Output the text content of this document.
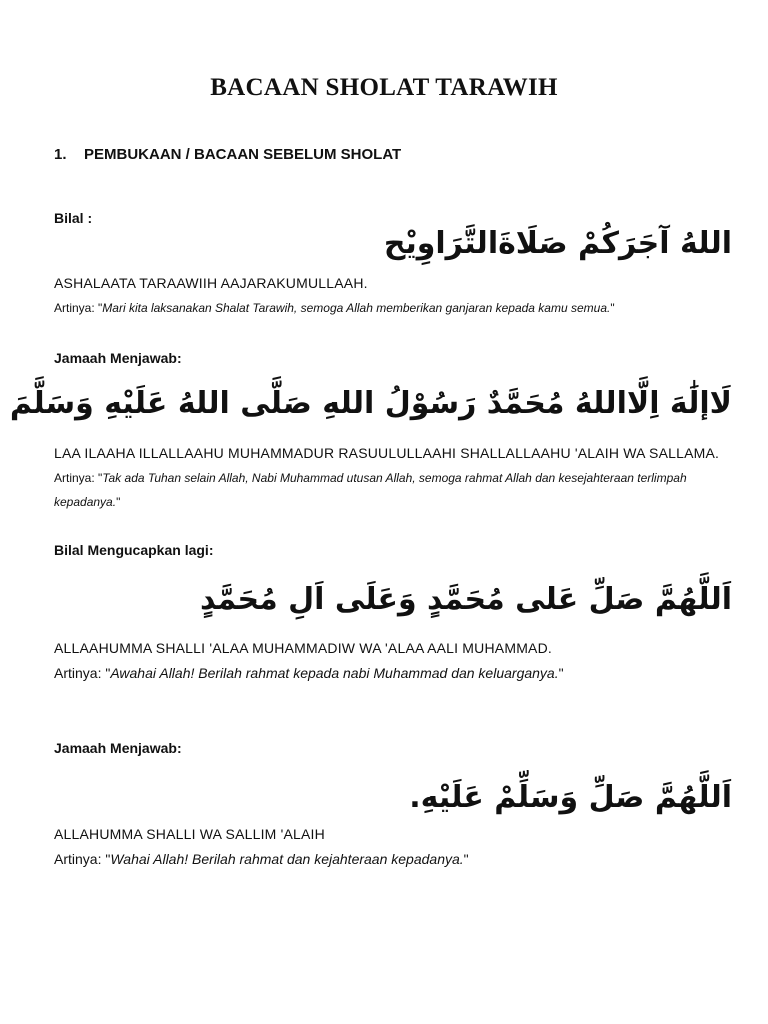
BACAAN SHOLAT TARAWIH
1. PEMBUKAAN / BACAAN SEBELUM SHOLAT
Bilal :
اللهُ آجَرَكُمْ صَلَاةَالتَّرَاوِيْح
ASHALAATA TARAAWIIH AAJARAKUMULLAAH.
Artinya: "Mari kita laksanakan Shalat Tarawih, semoga Allah memberikan ganjaran kepada kamu semua."
Jamaah Menjawab:
لَاإلَٰهَ اِلَّااللهُ مُحَمَّدٌ رَسُوْلُ اللهِ صَلَّى اللهُ عَلَيْهِ وَسَلَّمَ
LAA ILAAHA ILLALLAAHU MUHAMMADUR RASUULULLAAHI SHALLALLAAHU 'ALAIH WA SALLAMA.
Artinya: "Tak ada Tuhan selain Allah, Nabi Muhammad utusan Allah, semoga rahmat Allah dan kesejahteraan terlimpah kepadanya."
Bilal Mengucapkan lagi:
اَللَّهُمَّ صَلِّ عَلى مُحَمَّدٍ وَعَلَى اَلِ مُحَمَّدٍ
ALLAAHUMMA SHALLI 'ALAA MUHAMMADIW WA 'ALAA AALI MUHAMMAD.
Artinya: "Awahai Allah! Berilah rahmat kepada nabi Muhammad dan keluarganya."
Jamaah Menjawab:
اَللَّهُمَّ صَلِّ وَسَلِّمْ عَلَيْهِ.
ALLAHUMMA SHALLI WA SALLIM 'ALAIH
Artinya: "Wahai Allah! Berilah rahmat dan kejahteraan kepadanya."
